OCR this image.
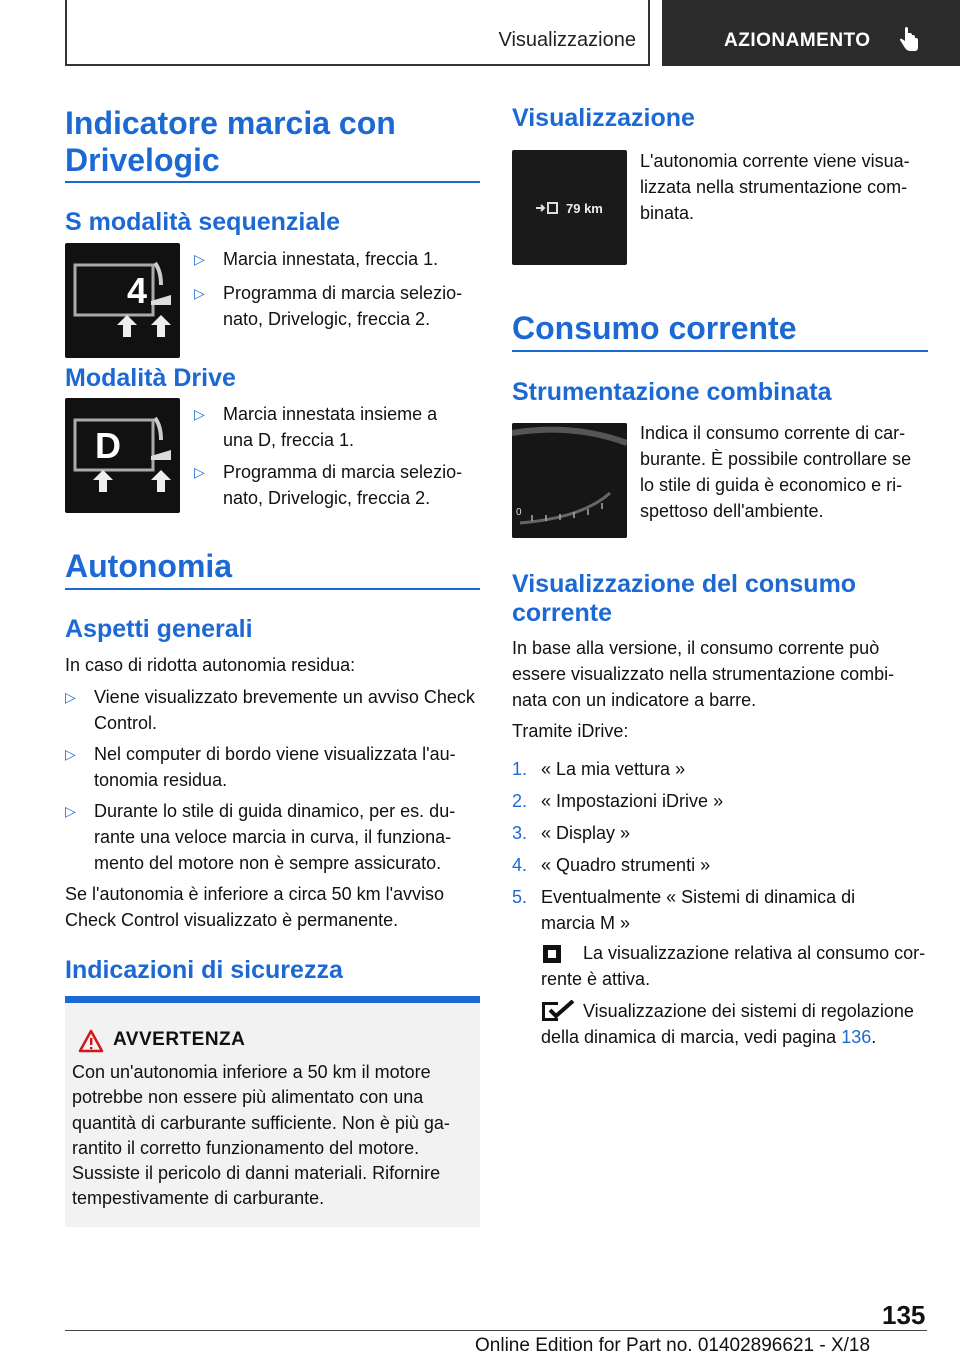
Visualizzazione	AZIONAMENTO
Indicatore marcia con Drivelogic
S modalità sequenziale
4
▷ Marcia innestata, freccia 1.
▷ Programma di marcia selezio-nato, Drivelogic, freccia 2.
Modalità Drive
D
▷ Marcia innestata insieme a una D, freccia 1.
▷ Programma di marcia selezio-nato, Drivelogic, freccia 2.
Autonomia
Aspetti generali
In caso di ridotta autonomia residua:
▷ Viene visualizzato brevemente un avviso Check Control.
▷ Nel computer di bordo viene visualizzata l'au-tonomia residua.
▷ Durante lo stile di guida dinamico, per es. du-rante una veloce marcia in curva, il funziona-mento del motore non è sempre assicurato.
Se l'autonomia è inferiore a circa 50 km l'avviso Check Control visualizzato è permanente.
Indicazioni di sicurezza
AVVERTENZA
Con un'autonomia inferiore a 50 km il motore potrebbe non essere più alimentato con una quantità di carburante sufficiente. Non è più ga-rantito il corretto funzionamento del motore. Sussiste il pericolo di danni materiali. Rifornire tempestivamente di carburante.
Visualizzazione
79 km
L'autonomia corrente viene visua-lizzata nella strumentazione com-binata.
Consumo corrente
Strumentazione combinata
0
Indica il consumo corrente di car-burante. È possibile controllare se lo stile di guida è economico e ri-spettoso dell'ambiente.
Visualizzazione del consumo corrente
In base alla versione, il consumo corrente può essere visualizzato nella strumentazione combi-nata con un indicatore a barre.
Tramite iDrive:
1. « La mia vettura »
2. « Impostazioni iDrive »
3. « Display »
4. « Quadro strumenti »
5. Eventualmente « Sistemi di dinamica di marcia M »
La visualizzazione relativa al consumo cor-rente è attiva.
Visualizzazione dei sistemi di regolazione della dinamica di marcia, vedi pagina 136.
135
Online Edition for Part no. 01402896621 - X/18
